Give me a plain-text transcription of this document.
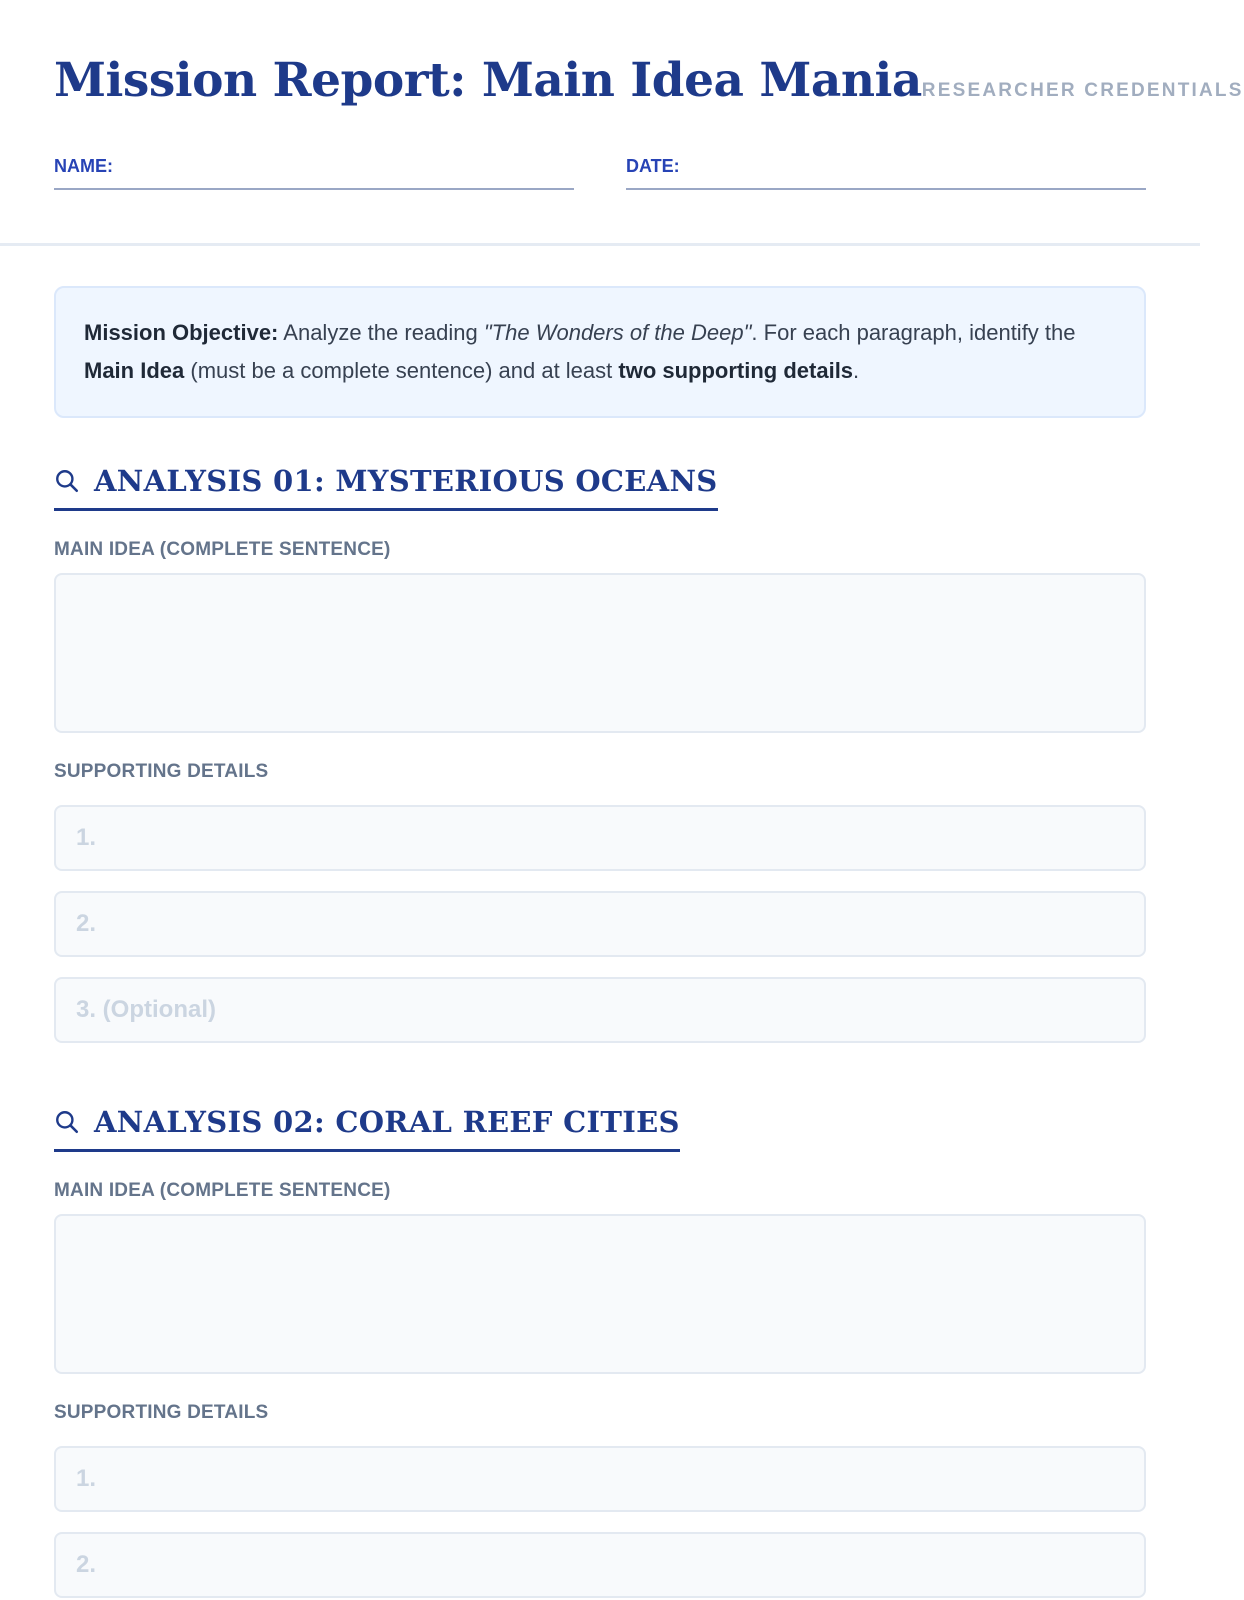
Mission Report: Main Idea Mania RESEARCHER CREDENTIALS
NAME:	DATE:
Mission Objective: Analyze the reading "The Wonders of the Deep". For each paragraph, identify the Main Idea (must be a complete sentence) and at least two supporting details.
ANALYSIS 01: MYSTERIOUS OCEANS
MAIN IDEA (COMPLETE SENTENCE)
SUPPORTING DETAILS
1.
2.
3. (Optional)
ANALYSIS 02: CORAL REEF CITIES
MAIN IDEA (COMPLETE SENTENCE)
SUPPORTING DETAILS
1.
2.
